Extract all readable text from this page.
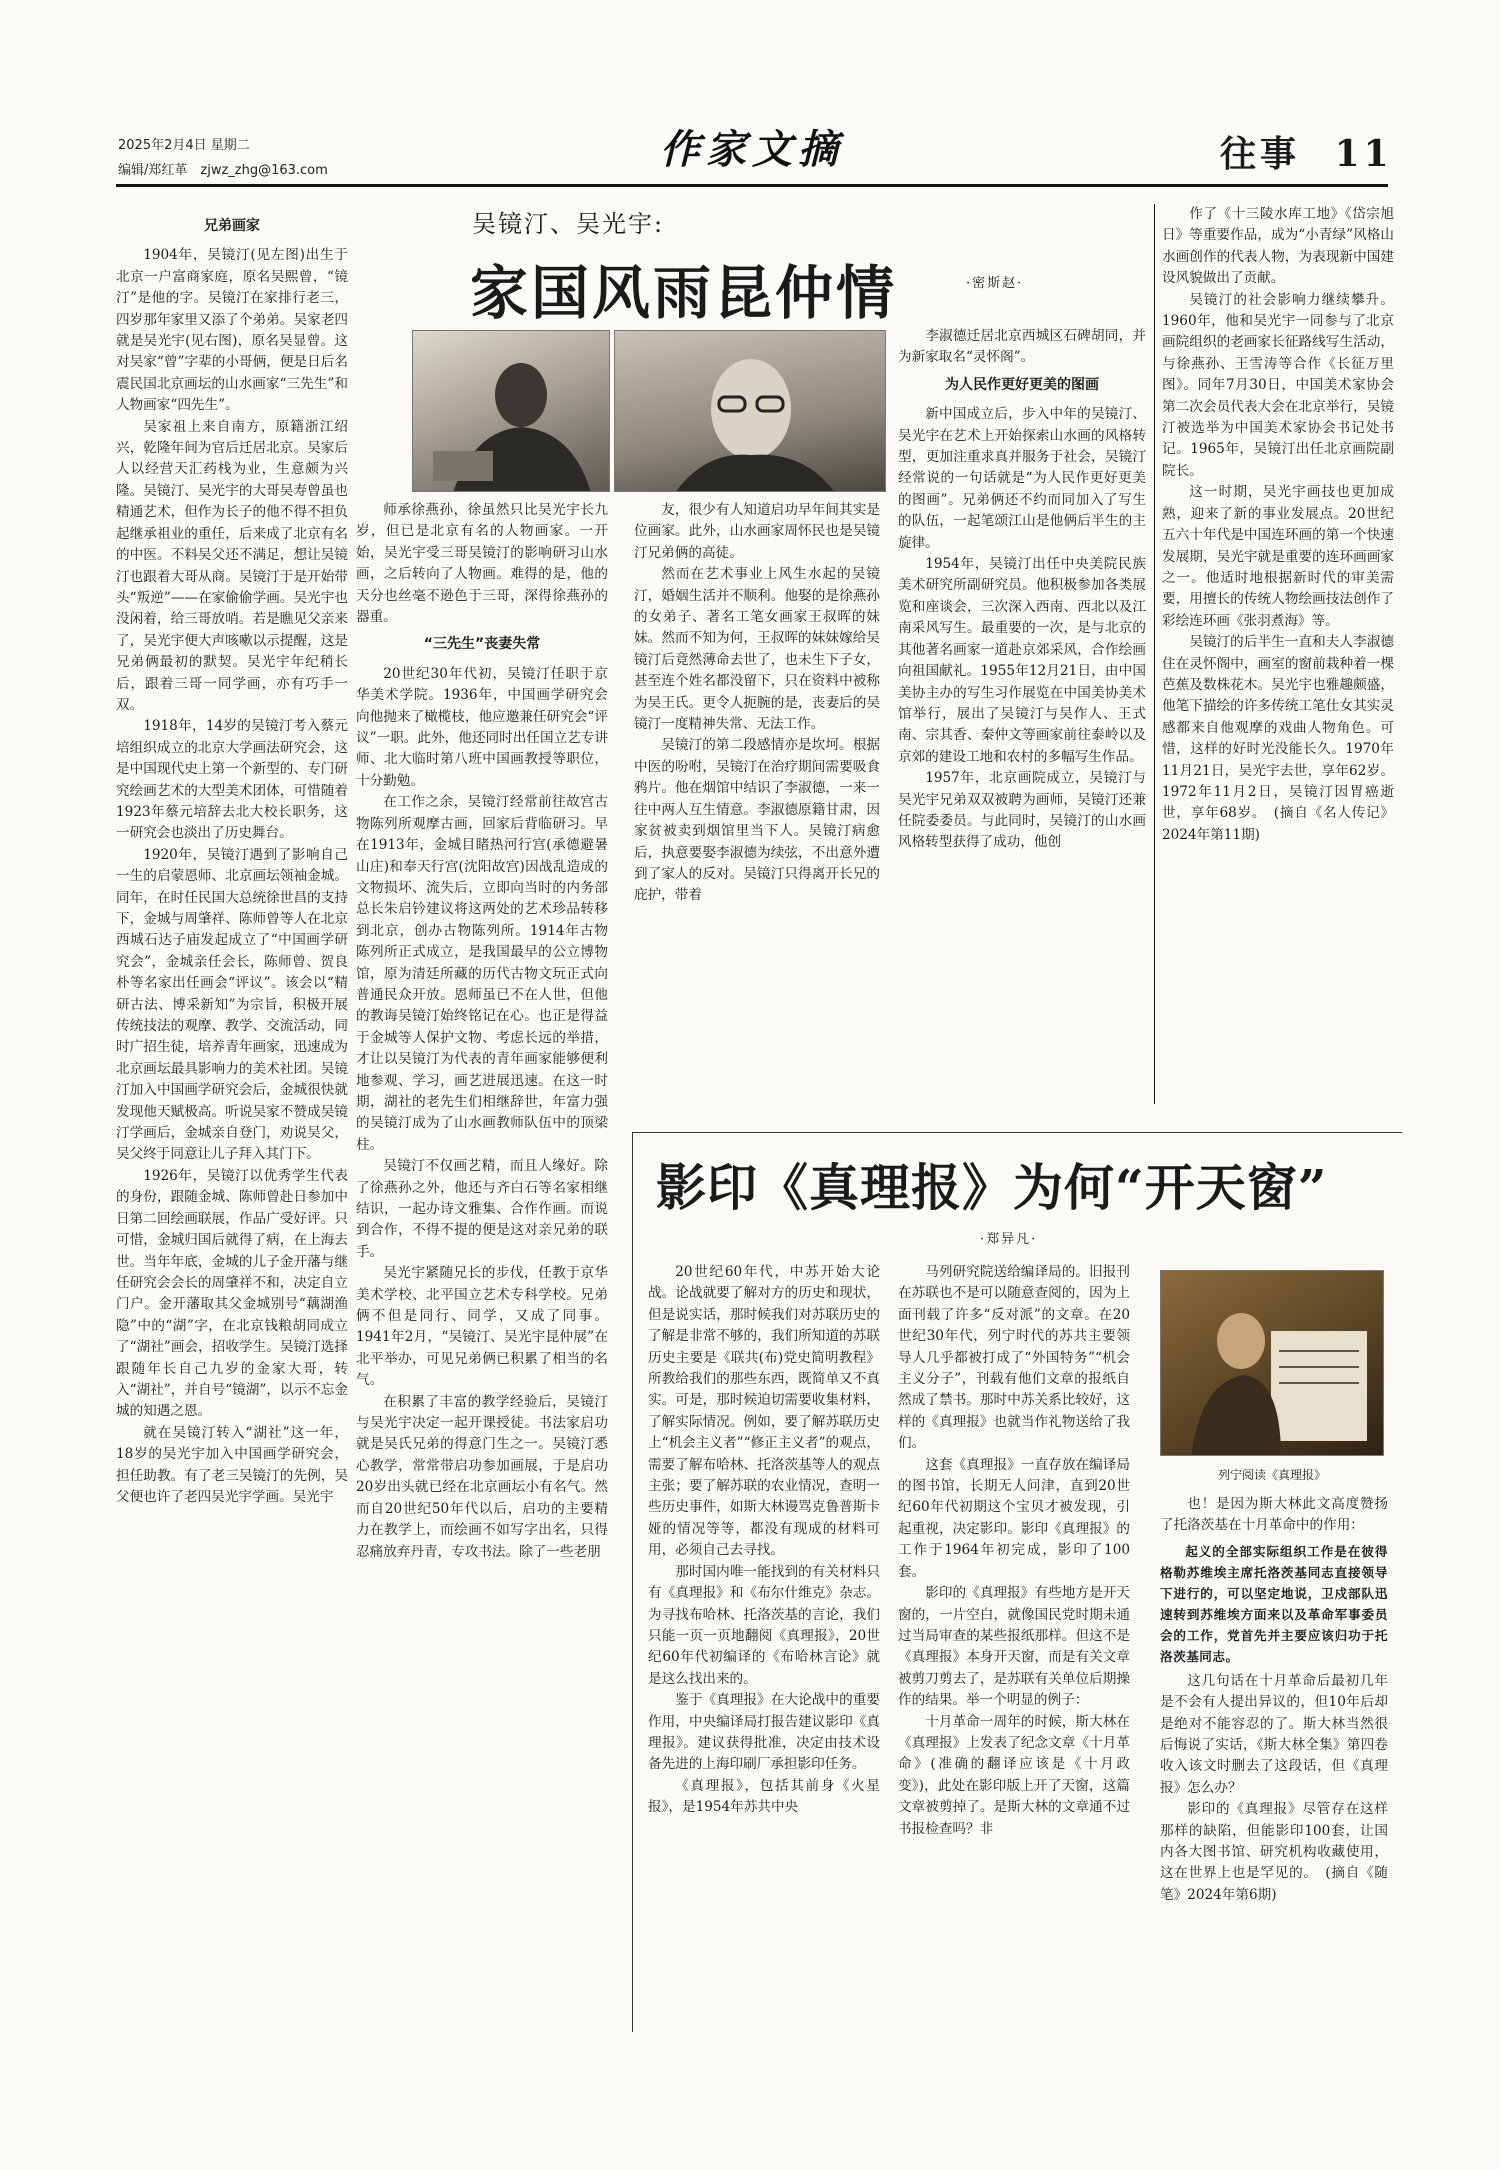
2025年2月4日 星期二
编辑/郑红革　zjwz_zhg@163.com	作家文摘	往事 11
吴镜汀、吴光宇:
家国风雨昆仲情	·密斯赵·
兄弟画家

1904年，吴镜汀(见左图)出生于北京一户富商家庭，原名吴熙曾，“镜汀”是他的字。吴镜汀在家排行老三，四岁那年家里又添了个弟弟。吴家老四就是吴光宇(见右图)，原名吴显曾。这对吴家“曾”字辈的小哥俩，便是日后名震民国北京画坛的山水画家“三先生”和人物画家“四先生”。

吴家祖上来自南方，原籍浙江绍兴，乾隆年间为官后迁居北京。吴家后人以经营天汇药栈为业，生意颇为兴隆。吴镜汀、吴光宇的大哥吴寿曾虽也精通艺术，但作为长子的他不得不担负起继承祖业的重任，后来成了北京有名的中医。不料吴父还不满足，想让吴镜汀也跟着大哥从商。吴镜汀于是开始带头“叛逆”——在家偷偷学画。吴光宇也没闲着，给三哥放哨。若是瞧见父亲来了，吴光宇便大声咳嗽以示提醒，这是兄弟俩最初的默契。吴光宇年纪稍长后，跟着三哥一同学画，亦有巧手一双。

1918年，14岁的吴镜汀考入蔡元培组织成立的北京大学画法研究会，这是中国现代史上第一个新型的、专门研究绘画艺术的大型美术团体，可惜随着1923年蔡元培辞去北大校长职务，这一研究会也淡出了历史舞台。

1920年，吴镜汀遇到了影响自己一生的启蒙恩师、北京画坛领袖金城。同年，在时任民国大总统徐世昌的支持下，金城与周肇祥、陈师曾等人在北京西城石达子庙发起成立了“中国画学研究会”，金城亲任会长，陈师曾、贺良朴等名家出任画会“评议”。该会以“精研古法、博采新知”为宗旨，积极开展传统技法的观摩、教学、交流活动，同时广招生徒，培养青年画家，迅速成为北京画坛最具影响力的美术社团。吴镜汀加入中国画学研究会后，金城很快就发现他天赋极高。听说吴家不赞成吴镜汀学画后，金城亲自登门，劝说吴父，吴父终于同意让儿子拜入其门下。

1926年，吴镜汀以优秀学生代表的身份，跟随金城、陈师曾赴日参加中日第二回绘画联展，作品广受好评。只可惜，金城归国后就得了病，在上海去世。当年年底，金城的儿子金开藩与继任研究会会长的周肇祥不和，决定自立门户。金开藩取其父金城别号“藕湖渔隐”中的“湖”字，在北京钱粮胡同成立了“湖社”画会，招收学生。吴镜汀选择跟随年长自己九岁的金家大哥，转入“湖社”，并自号“镜湖”，以示不忘金城的知遇之恩。

就在吴镜汀转入“湖社”这一年，18岁的吴光宇加入中国画学研究会，担任助教。有了老三吴镜汀的先例，吴父便也许了老四吴光宇学画。吴光宇

师承徐燕孙，徐虽然只比吴光宇长九岁，但已是北京有名的人物画家。一开始，吴光宇受三哥吴镜汀的影响研习山水画，之后转向了人物画。难得的是，他的天分也丝毫不逊色于三哥，深得徐燕孙的器重。

“三先生”丧妻失常

20世纪30年代初，吴镜汀任职于京华美术学院。1936年，中国画学研究会向他抛来了橄榄枝，他应邀兼任研究会“评议”一职。此外，他还同时出任国立艺专讲师、北大临时第八班中国画教授等职位，十分勤勉。

在工作之余，吴镜汀经常前往故宫古物陈列所观摩古画，回家后背临研习。早在1913年，金城目睹热河行宫(承德避暑山庄)和奉天行宫(沈阳故宫)因战乱造成的文物损坏、流失后，立即向当时的内务部总长朱启钤建议将这两处的艺术珍品转移到北京，创办古物陈列所。1914年古物陈列所正式成立，是我国最早的公立博物馆，原为清廷所藏的历代古物文玩正式向普通民众开放。恩师虽已不在人世，但他的教诲吴镜汀始终铭记在心。也正是得益于金城等人保护文物、考虑长远的举措，才让以吴镜汀为代表的青年画家能够便利地参观、学习，画艺进展迅速。在这一时期，湖社的老先生们相继辞世，年富力强的吴镜汀成为了山水画教师队伍中的顶梁柱。

吴镜汀不仅画艺精，而且人缘好。除了徐燕孙之外，他还与齐白石等名家相继结识，一起办诗文雅集、合作作画。而说到合作，不得不提的便是这对亲兄弟的联手。

吴光宇紧随兄长的步伐，任教于京华美术学校、北平国立艺术专科学校。兄弟俩不但是同行、同学，又成了同事。1941年2月，“吴镜汀、吴光宇昆仲展”在北平举办，可见兄弟俩已积累了相当的名气。

在积累了丰富的教学经验后，吴镜汀与吴光宇决定一起开课授徒。书法家启功就是吴氏兄弟的得意门生之一。吴镜汀悉心教学，常常带启功参加画展，于是启功20岁出头就已经在北京画坛小有名气。然而自20世纪50年代以后，启功的主要精力在教学上，而绘画不如写字出名，只得忍痛放弃丹青，专攻书法。除了一些老朋

友，很少有人知道启功早年间其实是位画家。此外，山水画家周怀民也是吴镜汀兄弟俩的高徒。

然而在艺术事业上风生水起的吴镜汀，婚姻生活并不顺利。他娶的是徐燕孙的女弟子、著名工笔女画家王叔晖的妹妹。然而不知为何，王叔晖的妹妹嫁给吴镜汀后竟然薄命去世了，也未生下子女，甚至连个姓名都没留下，只在资料中被称为吴王氏。更令人扼腕的是，丧妻后的吴镜汀一度精神失常、无法工作。

吴镜汀的第二段感情亦是坎坷。根据中医的吩咐，吴镜汀在治疗期间需要吸食鸦片。他在烟馆中结识了李淑德，一来一往中两人互生情意。李淑德原籍甘肃，因家贫被卖到烟馆里当下人。吴镜汀病愈后，执意要娶李淑德为续弦，不出意外遭到了家人的反对。吴镜汀只得离开长兄的庇护，带着

李淑德迁居北京西城区石碑胡同，并为新家取名“灵怀阁”。

为人民作更好更美的图画

新中国成立后，步入中年的吴镜汀、吴光宇在艺术上开始探索山水画的风格转型，更加注重求真并服务于社会，吴镜汀经常说的一句话就是“为人民作更好更美的图画”。兄弟俩还不约而同加入了写生的队伍，一起笔颂江山是他俩后半生的主旋律。

1954年，吴镜汀出任中央美院民族美术研究所副研究员。他积极参加各类展览和座谈会，三次深入西南、西北以及江南采风写生。最重要的一次，是与北京的其他著名画家一道赴京郊采风，合作绘画向祖国献礼。1955年12月21日，由中国美协主办的写生习作展览在中国美协美术馆举行，展出了吴镜汀与吴作人、王式南、宗其香、秦仲文等画家前往泰岭以及京郊的建设工地和农村的多幅写生作品。

1957年，北京画院成立，吴镜汀与吴光宇兄弟双双被聘为画师，吴镜汀还兼任院委委员。与此同时，吴镜汀的山水画风格转型获得了成功，他创

作了《十三陵水库工地》《岱宗旭日》等重要作品，成为“小青绿”风格山水画创作的代表人物，为表现新中国建设风貌做出了贡献。

吴镜汀的社会影响力继续攀升。1960年，他和吴光宇一同参与了北京画院组织的老画家长征路线写生活动，与徐燕孙、王雪涛等合作《长征万里图》。同年7月30日，中国美术家协会第二次会员代表大会在北京举行，吴镜汀被选举为中国美术家协会书记处书记。1965年，吴镜汀出任北京画院副院长。

这一时期，吴光宇画技也更加成熟，迎来了新的事业发展点。20世纪五六十年代是中国连环画的第一个快速发展期，吴光宇就是重要的连环画画家之一。他适时地根据新时代的审美需要，用擅长的传统人物绘画技法创作了彩绘连环画《张羽煮海》等。

吴镜汀的后半生一直和夫人李淑德住在灵怀阁中，画室的窗前栽种着一棵芭蕉及数株花木。吴光宇也雅趣颇盛，他笔下描绘的许多传统工笔仕女其实灵感都来自他观摩的戏曲人物角色。可惜，这样的好时光没能长久。1970年11月21日，吴光宇去世，享年62岁。1972年11月2日，吴镜汀因胃癌逝世，享年68岁。　(摘自《名人传记》2024年第11期)

影印《真理报》为何“开天窗”
·郑异凡·

20世纪60年代，中苏开始大论战。论战就要了解对方的历史和现状，但是说实话，那时候我们对苏联历史的了解是非常不够的，我们所知道的苏联历史主要是《联共(布)党史简明教程》所教给我们的那些东西，既简单又不真实。可是，那时候迫切需要收集材料，了解实际情况。例如，要了解苏联历史上“机会主义者”“修正主义者”的观点，需要了解布哈林、托洛茨基等人的观点主张；要了解苏联的农业情况，查明一些历史事件，如斯大林谩骂克鲁普斯卡娅的情况等等，都没有现成的材料可用，必须自己去寻找。

那时国内唯一能找到的有关材料只有《真理报》和《布尔什维克》杂志。为寻找布哈林、托洛茨基的言论，我们只能一页一页地翻阅《真理报》，20世纪60年代初编译的《布哈林言论》就是这么找出来的。

鉴于《真理报》在大论战中的重要作用，中央编译局打报告建议影印《真理报》。建议获得批准，决定由技术设备先进的上海印刷厂承担影印任务。

《真理报》，包括其前身《火星报》，是1954年苏共中央

马列研究院送给编译局的。旧报刊在苏联也不是可以随意查阅的，因为上面刊载了许多“反对派”的文章。在20世纪30年代，列宁时代的苏共主要领导人几乎都被打成了“外国特务”“机会主义分子”，刊载有他们文章的报纸自然成了禁书。那时中苏关系比较好，这样的《真理报》也就当作礼物送给了我们。

这套《真理报》一直存放在编译局的图书馆，长期无人问津，直到20世纪60年代初期这个宝贝才被发现，引起重视，决定影印。影印《真理报》的工作于1964年初完成，影印了100套。

影印的《真理报》有些地方是开天窗的，一片空白，就像国民党时期未通过当局审查的某些报纸那样。但这不是《真理报》本身开天窗，而是有关文章被剪刀剪去了，是苏联有关单位后期操作的结果。举一个明显的例子：

十月革命一周年的时候，斯大林在《真理报》上发表了纪念文章《十月革命》(准确的翻译应该是《十月政变》)，此处在影印版上开了天窗，这篇文章被剪掉了。是斯大林的文章通不过书报检查吗？非

列宁阅读《真理报》

也！是因为斯大林此文高度赞扬了托洛茨基在十月革命中的作用：

起义的全部实际组织工作是在彼得格勒苏维埃主席托洛茨基同志直接领导下进行的，可以坚定地说，卫戍部队迅速转到苏维埃方面来以及革命军事委员会的工作，党首先并主要应该归功于托洛茨基同志。

这几句话在十月革命后最初几年是不会有人提出异议的，但10年后却是绝对不能容忍的了。斯大林当然很后悔说了实话，《斯大林全集》第四卷收入该文时删去了这段话，但《真理报》怎么办？

影印的《真理报》尽管存在这样那样的缺陷，但能影印100套，让国内各大图书馆、研究机构收藏使用，这在世界上也是罕见的。　(摘自《随笔》2024年第6期)
